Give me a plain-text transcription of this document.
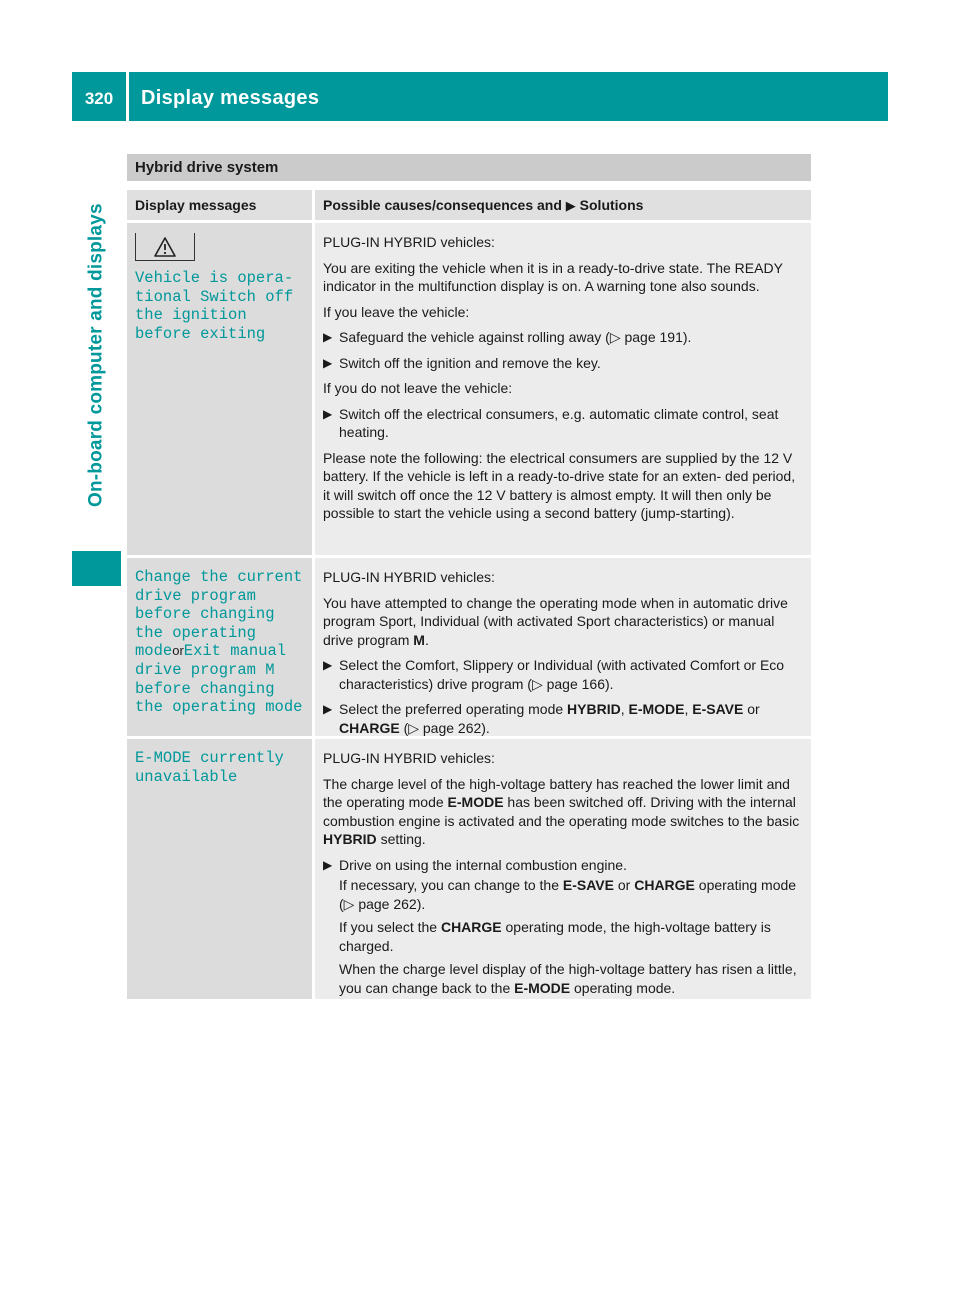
320	Display messages
On-board computer and displays
Hybrid drive system
Display messages	Possible causes/consequences and ▶ Solutions
Vehicle is opera- tional Switch off the ignition before exiting

PLUG-IN HYBRID vehicles:

You are exiting the vehicle when it is in a ready-to-drive state. The READY indicator in the multifunction display is on. A warning tone also sounds.

If you leave the vehicle:

▶ Safeguard the vehicle against rolling away (▷ page 191).
▶ Switch off the ignition and remove the key.

If you do not leave the vehicle:

▶ Switch off the electrical consumers, e.g. automatic climate control, seat heating.

Please note the following: the electrical consumers are supplied by the 12 V battery. If the vehicle is left in a ready-to-drive state for an exten- ded period, it will switch off once the 12 V battery is almost empty. It will then only be possible to start the vehicle using a second battery (jump-starting).

Change the current drive program before changing the operating modeorExit manual drive program M before changing the operating mode

PLUG-IN HYBRID vehicles:

You have attempted to change the operating mode when in automatic drive program Sport, Individual (with activated Sport characteristics) or manual drive program M.

▶ Select the Comfort, Slippery or Individual (with activated Comfort or Eco characteristics) drive program (▷ page 166).
▶ Select the preferred operating mode HYBRID, E-MODE, E-SAVE or CHARGE (▷ page 262).
E-MODE currently unavailable

PLUG-IN HYBRID vehicles:

The charge level of the high-voltage battery has reached the lower limit and the operating mode E-MODE has been switched off. Driving with the internal combustion engine is activated and the operating mode switches to the basic HYBRID setting.

▶ Drive on using the internal combustion engine.

If necessary, you can change to the E-SAVE or CHARGE operating mode (▷ page 262).

If you select the CHARGE operating mode, the high-voltage battery is charged.

When the charge level display of the high-voltage battery has risen a little, you can change back to the E-MODE operating mode.
